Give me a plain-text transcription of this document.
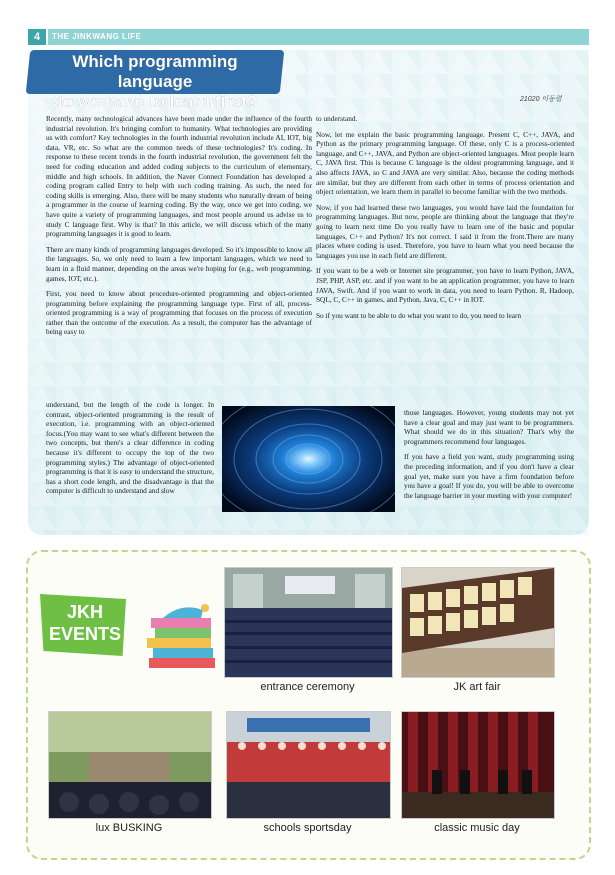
4	THE JINKWANG LIFE
Which programming language
do we have to learn first?	21020 이동렬

Recently, many technological advances have been made under the influence of the fourth industrial revolution. It's bringing comfort to humanity. What technologies are providing us with comfort? Key technologies in the fourth industrial revolution include AI, IOT, big data, VR, etc. So what are the common needs of these technologies? It's coding. In response to these recent trends in the fourth industrial revolution, the government felt the need for coding education and added coding subjects to the curriculum of elementary, middle and high schools. In addition, the Naver Connect Foundation has developed a coding program called Entry to help with such coding training. As such, the need for coding skills is emerging. Also, there will be many students who naturally dream of being a programmer in the course of learning coding. By the way, once we get into coding, we have quite a variety of programming languages, and most people around us advise us to study C language first. Why is that? In this article, we will discuss which of the many programming languages it is good to learn.

There are many kinds of programming languages developed. So it's impossible to know all the languages. So, we only need to learn a few important languages, which we need to learn in a fluid manner, depending on the areas we're hoping for (e.g., web programming, games, IOT, etc.).

First, you need to know about procedure-oriented programming and object-oriented programming before explaining the programming language type. First of all, process-oriented programming is a way of programming that focuses on the process of execution rather than the outcome of the execution. As a result, the computer has the advantage of being easy to

understand, but the length of the code is longer. In contrast, object-oriented programming is the result of execution, i.e. programming with an object-oriented focus.(You may want to see what's different between the two concepts, but there's a clear difference in coding because it's different to occupy the top of the two programming styles.) The advantage of object-oriented programming is that it is easy to understand the structure, has a short code length, and the disadvantage is that the computer is difficult to understand and slow

to understand.

Now, let me explain the basic programming language. Present C, C++, JAVA, and Python as the primary programming language. Of these, only C is a process-oriented language, and C++, JAVA, and Python are object-oriented languages. Most people learn C, JAVA first. This is because C language is the oldest programming language, and it also affects JAVA, so C and JAVA are very similar. Also, because the coding methods are similar, but they are different from each other in terms of process orientation and object orientation, we learn them in parallel to become familiar with the two methods.

Now, if you had learned these two languages, you would have laid the foundation for programming languages. But now, people are thinking about the language that they're going to learn next time Do you really have to learn one of the basic and popular languages, C++ and Python? It's not correct. I said it from the front.There are many places where coding is used. Therefore, you have to learn what you need because the languages you use in each field are different.

If you want to be a web or Internet site programmer, you have to learn Python, JAVA, JSP, PHP, ASP, etc. and if you want to be an application programmer, you have to learn JAVA, Swift. And if you want to work in data, you need to learn Python. R, Hadoop, SQL, C, C++ in games, and Python, Java, C, C++ in IOT.

So if you want to be able to do what you want to do, you need to learn

those languages. However, young students may not yet have a clear goal and may just want to be programmers. What should we do in this situation? That's why the programmers recommend four languages.

If you have a field you want, study programming using the preceding information, and if you don't have a clear goal yet, make sure you have a firm foundation before you have a goal! If you do, you will be able to overcome the language barrier in your meeting with your computer!

JKH
EVENTS
entrance ceremony	JK art fair
lux BUSKING	schools sportsday	classic music day
